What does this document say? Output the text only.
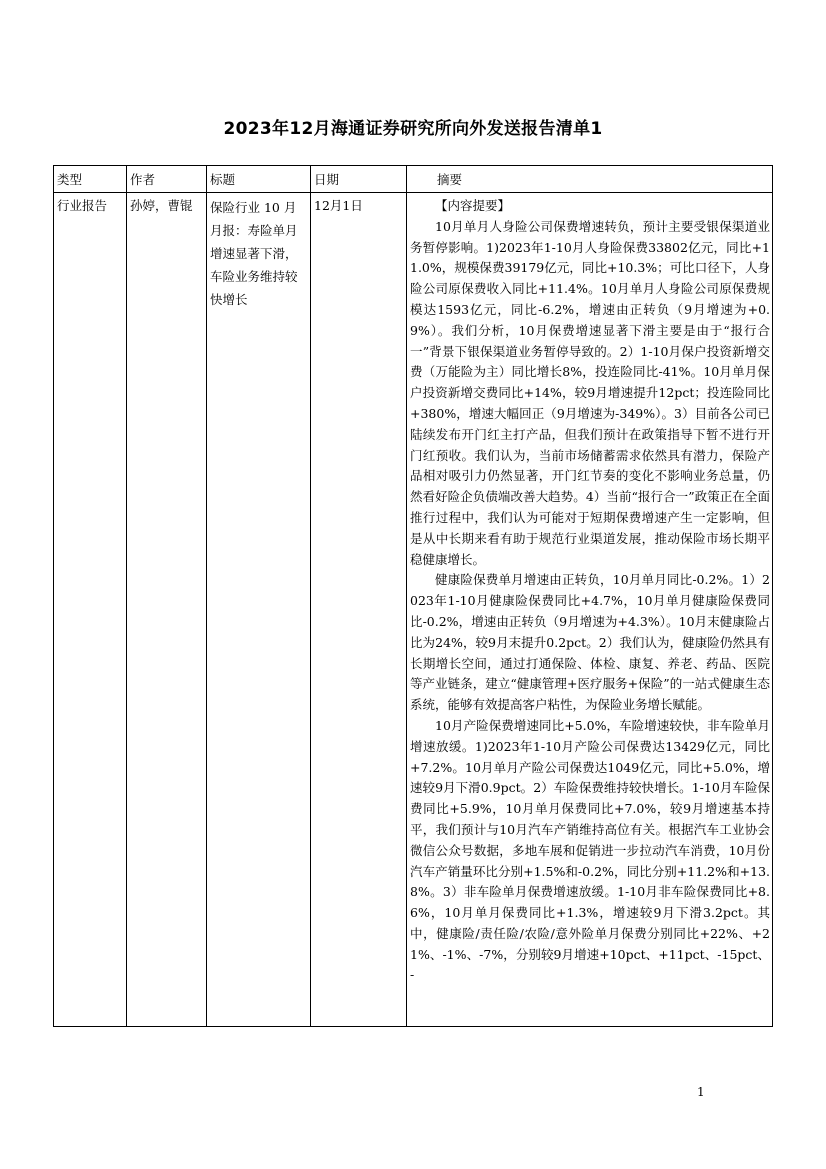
2023年12月海通证券研究所向外发送报告清单1
类型	作者	标题	日期	摘要
行业报告	孙婷，曹锟	保险行业 10 月月报：寿险单月增速显著下滑，车险业务维持较快增长	12月1日	【内容提要】

10月单月人身险公司保费增速转负，预计主要受银保渠道业务暂停影响。1)2023年1-10月人身险保费33802亿元，同比+11.0%，规模保费39179亿元，同比+10.3%；可比口径下，人身险公司原保费收入同比+11.4%。10月单月人身险公司原保费规模达1593亿元，同比-6.2%，增速由正转负（9月增速为+0.9%）。我们分析，10月保费增速显著下滑主要是由于“报行合一”背景下银保渠道业务暂停导致的。2）1-10月保户投资新增交费（万能险为主）同比增长8%，投连险同比-41%。10月单月保户投资新增交费同比+14%，较9月增速提升12pct；投连险同比+380%，增速大幅回正（9月增速为-349%）。3）目前各公司已陆续发布开门红主打产品，但我们预计在政策指导下暂不进行开门红预收。我们认为，当前市场储蓄需求依然具有潜力，保险产品相对吸引力仍然显著，开门红节奏的变化不影响业务总量，仍然看好险企负债端改善大趋势。4）当前“报行合一”政策正在全面推行过程中，我们认为可能对于短期保费增速产生一定影响，但是从中长期来看有助于规范行业渠道发展，推动保险市场长期平稳健康增长。

健康险保费单月增速由正转负，10月单月同比-0.2%。1）2023年1-10月健康险保费同比+4.7%，10月单月健康险保费同比-0.2%，增速由正转负（9月增速为+4.3%）。10月末健康险占比为24%，较9月末提升0.2pct。2）我们认为，健康险仍然具有长期增长空间，通过打通保险、体检、康复、养老、药品、医院等产业链条，建立“健康管理+医疗服务+保险”的一站式健康生态系统，能够有效提高客户粘性，为保险业务增长赋能。

10月产险保费增速同比+5.0%，车险增速较快，非车险单月增速放缓。1)2023年1-10月产险公司保费达13429亿元，同比+7.2%。10月单月产险公司保费达1049亿元，同比+5.0%，增速较9月下滑0.9pct。2）车险保费维持较快增长。1-10月车险保费同比+5.9%，10月单月保费同比+7.0%，较9月增速基本持平，我们预计与10月汽车产销维持高位有关。根据汽车工业协会微信公众号数据，多地车展和促销进一步拉动汽车消费，10月份汽车产销量环比分别+1.5%和-0.2%，同比分别+11.2%和+13.8%。3）非车险单月保费增速放缓。1-10月非车险保费同比+8.6%，10月单月保费同比+1.3%，增速较9月下滑3.2pct。其中，健康险/责任险/农险/意外险单月保费分别同比+22%、+21%、-1%、-7%，分别较9月增速+10pct、+11pct、-15pct、-

1
